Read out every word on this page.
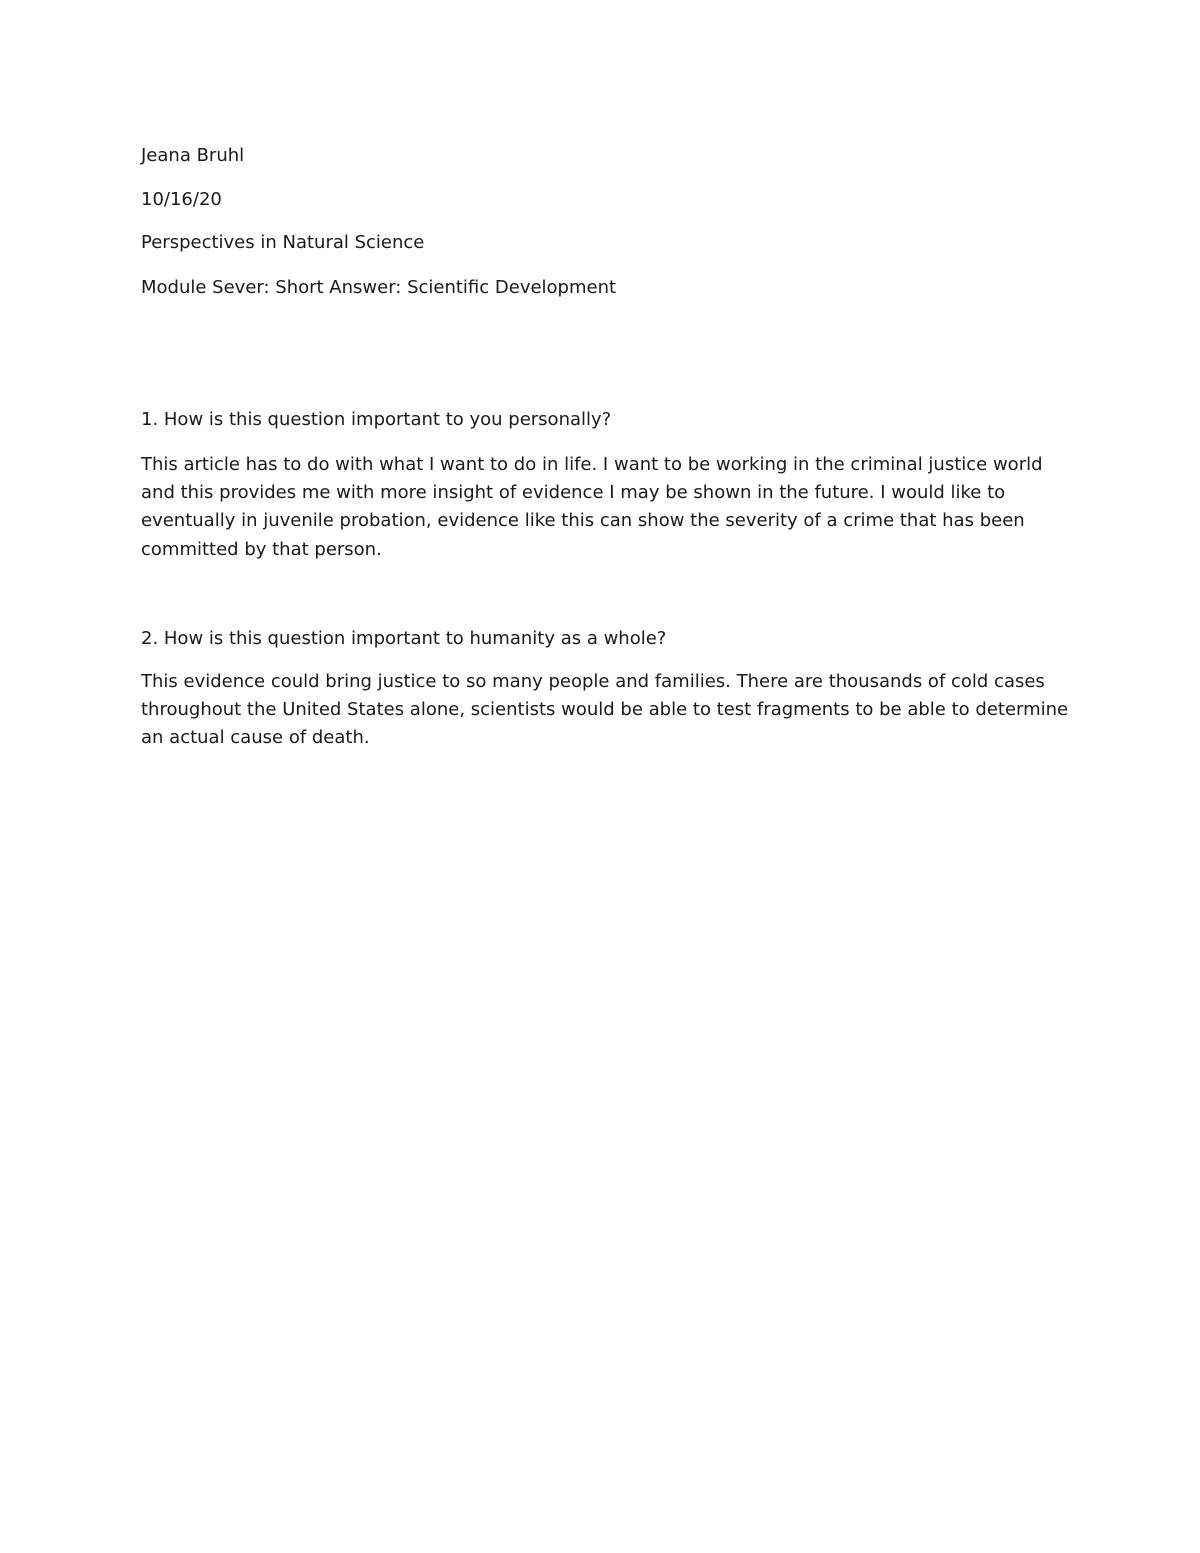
Jeana Bruhl

10/16/20

Perspectives in Natural Science

Module Sever: Short Answer: Scientific Development

1. How is this question important to you personally?

This article has to do with what I want to do in life. I want to be working in the criminal justice world and this provides me with more insight of evidence I may be shown in the future. I would like to eventually in juvenile probation, evidence like this can show the severity of a crime that has been committed by that person.

2. How is this question important to humanity as a whole?

This evidence could bring justice to so many people and families. There are thousands of cold cases throughout the United States alone, scientists would be able to test fragments to be able to determine an actual cause of death.
